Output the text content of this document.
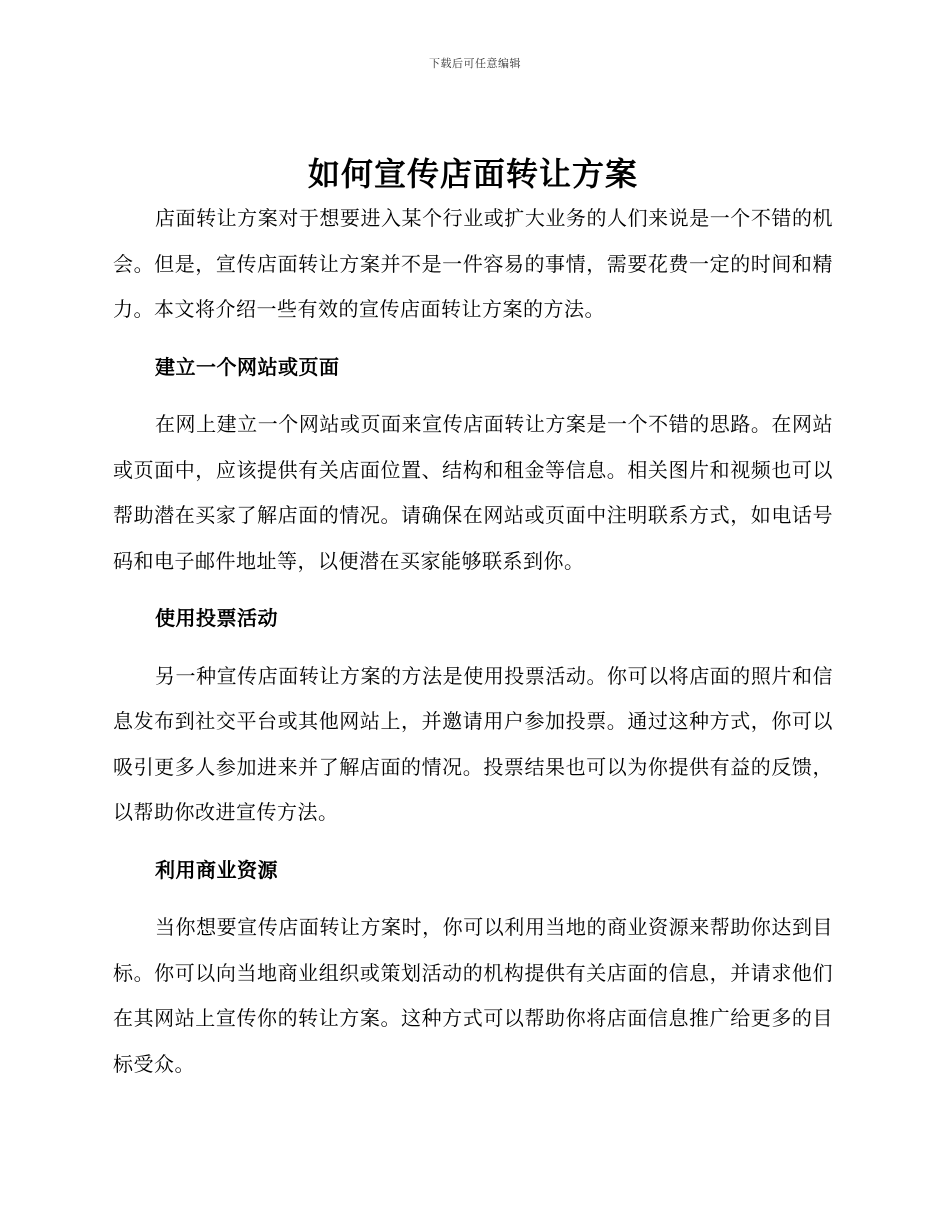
下载后可任意编辑
如何宣传店面转让方案

店面转让方案对于想要进入某个行业或扩大业务的人们来说是一个不错的机会。但是，宣传店面转让方案并不是一件容易的事情，需要花费一定的时间和精力。本文将介绍一些有效的宣传店面转让方案的方法。

建立一个网站或页面

在网上建立一个网站或页面来宣传店面转让方案是一个不错的思路。在网站或页面中，应该提供有关店面位置、结构和租金等信息。相关图片和视频也可以帮助潜在买家了解店面的情况。请确保在网站或页面中注明联系方式，如电话号码和电子邮件地址等，以便潜在买家能够联系到你。

使用投票活动

另一种宣传店面转让方案的方法是使用投票活动。你可以将店面的照片和信息发布到社交平台或其他网站上，并邀请用户参加投票。通过这种方式，你可以吸引更多人参加进来并了解店面的情况。投票结果也可以为你提供有益的反馈，以帮助你改进宣传方法。

利用商业资源

当你想要宣传店面转让方案时，你可以利用当地的商业资源来帮助你达到目标。你可以向当地商业组织或策划活动的机构提供有关店面的信息，并请求他们在其网站上宣传你的转让方案。这种方式可以帮助你将店面信息推广给更多的目标受众。
